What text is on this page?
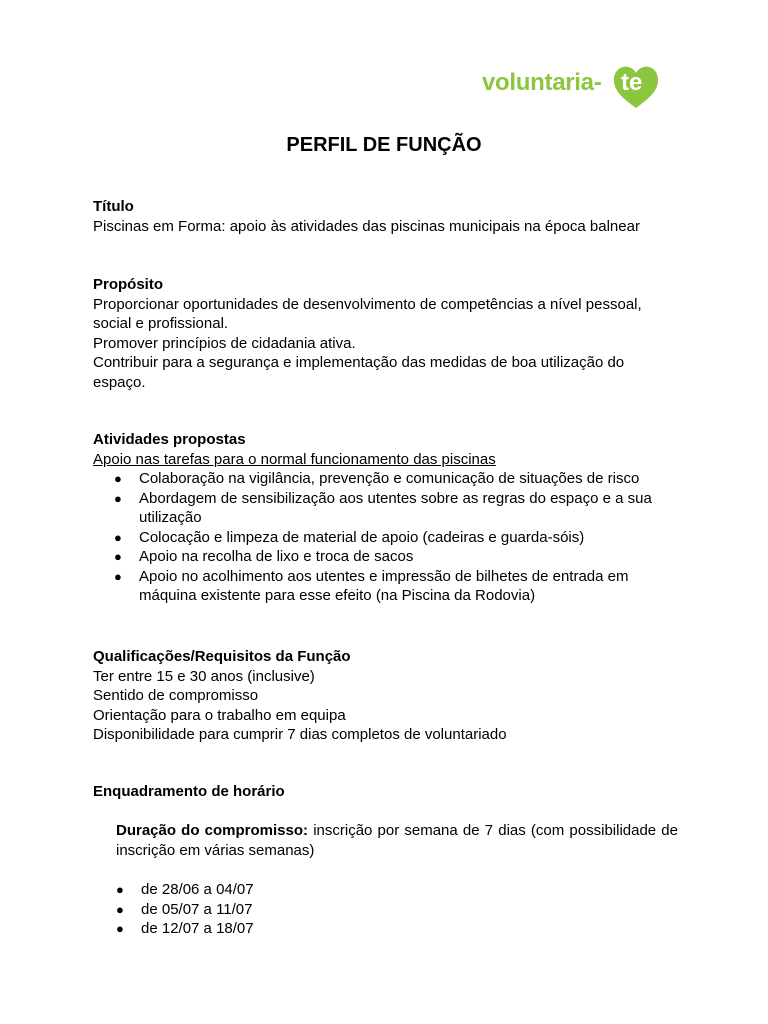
voluntaria- te
PERFIL DE FUNÇÃO
Título
Piscinas em Forma: apoio às atividades das piscinas municipais na época balnear
Propósito
Proporcionar oportunidades de desenvolvimento de competências a nível pessoal,
social e profissional.
Promover princípios de cidadania ativa.
Contribuir para a segurança e implementação das medidas de boa utilização do
espaço.
Atividades propostas
Apoio nas tarefas para o normal funcionamento das piscinas
● Colaboração na vigilância, prevenção e comunicação de situações de risco
● Abordagem de sensibilização aos utentes sobre as regras do espaço e a sua utilização
● Colocação e limpeza de material de apoio (cadeiras e guarda-sóis)
● Apoio na recolha de lixo e troca de sacos
● Apoio no acolhimento aos utentes e impressão de bilhetes de entrada em máquina existente para esse efeito (na Piscina da Rodovia)
Qualificações/Requisitos da Função
Ter entre 15 e 30 anos (inclusive)
Sentido de compromisso
Orientação para o trabalho em equipa
Disponibilidade para cumprir 7 dias completos de voluntariado
Enquadramento de horário
Duração do compromisso: inscrição por semana de 7 dias (com possibilidade de inscrição em várias semanas)
● de 28/06 a 04/07
● de 05/07 a 11/07
● de 12/07 a 18/07
